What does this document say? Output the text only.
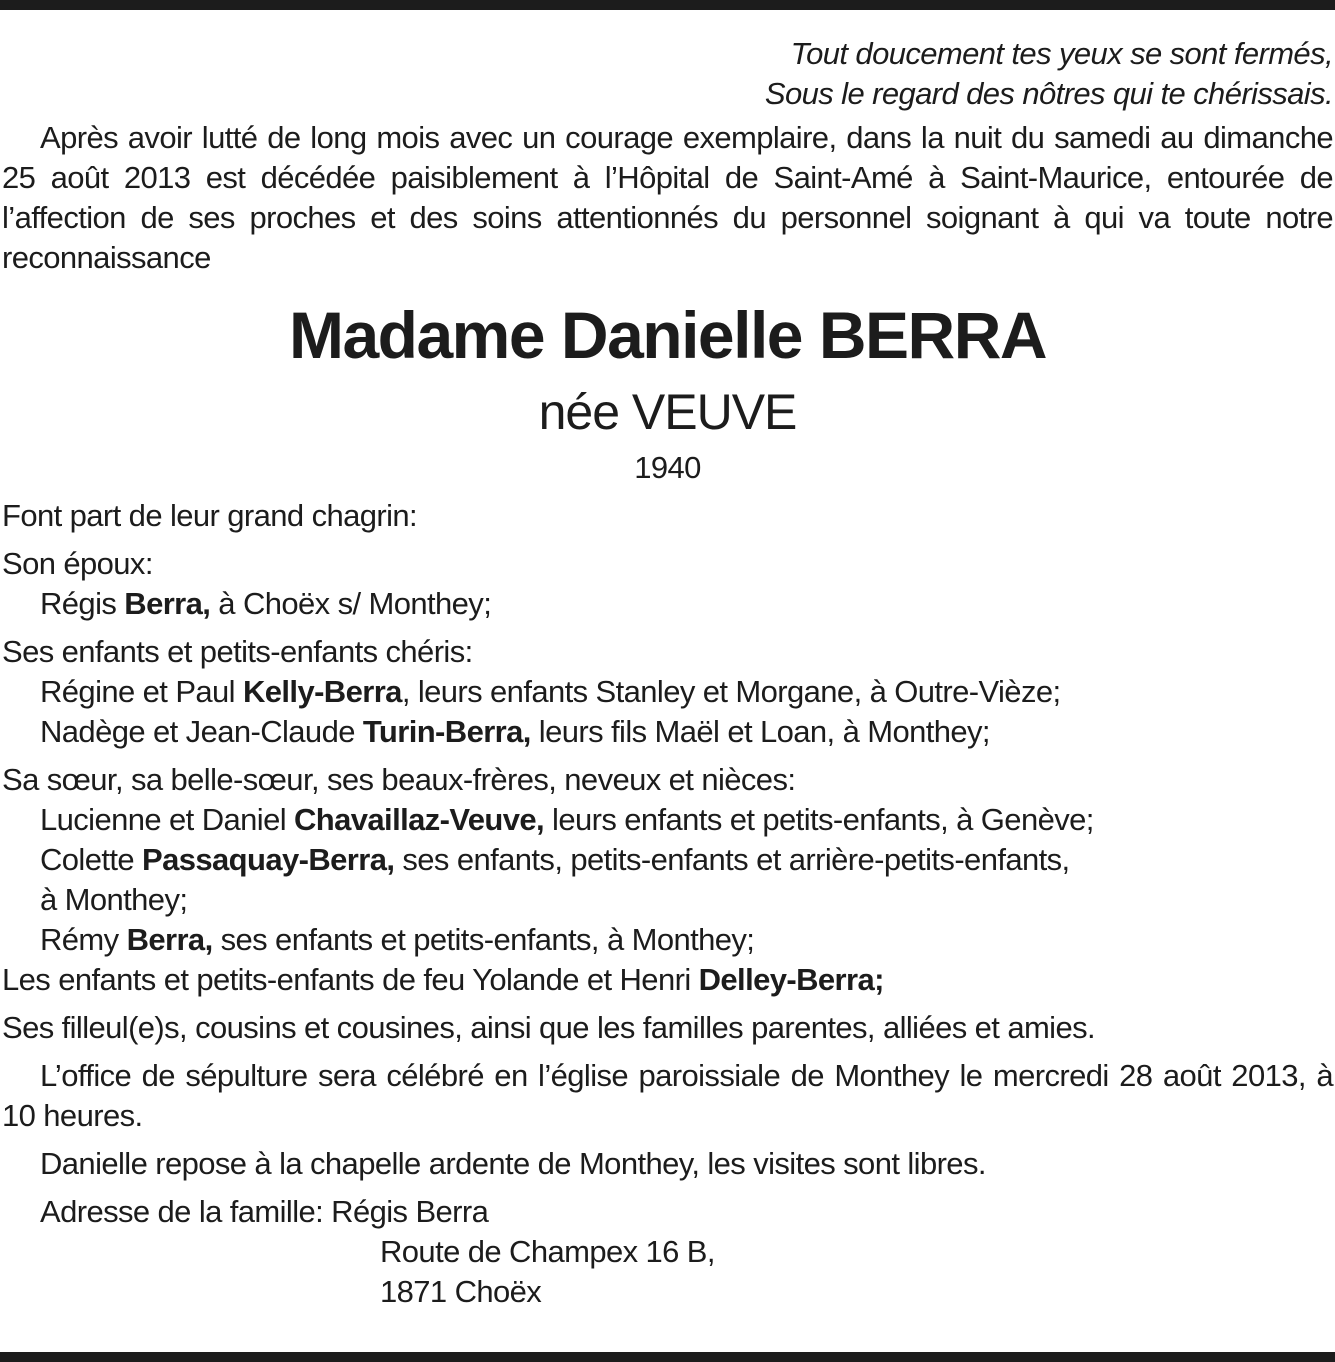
Tout doucement tes yeux se sont fermés,
Sous le regard des nôtres qui te chérissais.
Après avoir lutté de long mois avec un courage exemplaire, dans la nuit du samedi au dimanche 25 août 2013 est décédée paisiblement à l’Hôpital de Saint-Amé à Saint-Maurice, entourée de l’affection de ses proches et des soins attentionnés du personnel soignant à qui va toute notre reconnaissance
Madame Danielle BERRA
née VEUVE
1940
Font part de leur grand chagrin:
Son époux:
Régis Berra, à Choëx s/ Monthey;
Ses enfants et petits-enfants chéris:
Régine et Paul Kelly-Berra, leurs enfants Stanley et Morgane, à Outre-Vièze;
Nadège et Jean-Claude Turin-Berra, leurs fils Maël et Loan, à Monthey;
Sa sœur, sa belle-sœur, ses beaux-frères, neveux et nièces:
Lucienne et Daniel Chavaillaz-Veuve, leurs enfants et petits-enfants, à Genève;
Colette Passaquay-Berra, ses enfants, petits-enfants et arrière-petits-enfants,
à Monthey;
Rémy Berra, ses enfants et petits-enfants, à Monthey;
Les enfants et petits-enfants de feu Yolande et Henri Delley-Berra;
Ses filleul(e)s, cousins et cousines, ainsi que les familles parentes, alliées et amies.
L’office de sépulture sera célébré en l’église paroissiale de Monthey le mercredi 28 août 2013, à 10 heures.
Danielle repose à la chapelle ardente de Monthey, les visites sont libres.
Adresse de la famille: Régis Berra
Route de Champex 16 B,
1871 Choëx
